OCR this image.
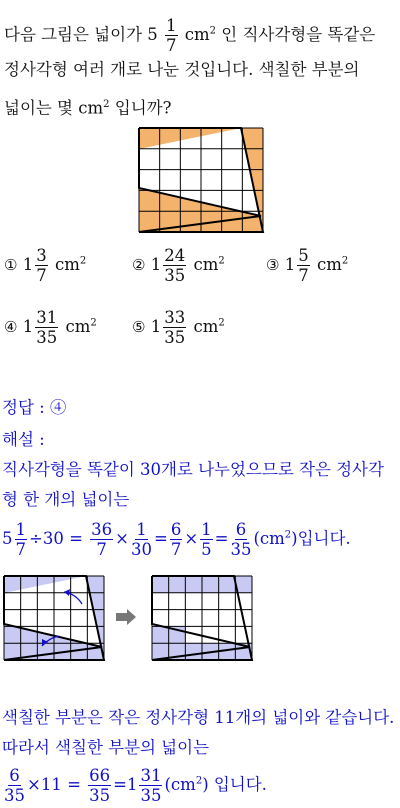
다음 그림은 넓이가 $5 \frac{1}{7} cm^2$ 인 직사각형을 똑같은
정사각형 여러 개로 나눈 것입니다. 색칠한 부분의
넓이는 몇 $cm^2$ 입니까?
① $1 \frac{3}{7} cm^2$	② $1 \frac{24}{35} cm^2$	③ $1 \frac{5}{7} cm^2$
④ $1 \frac{31}{35} cm^2$ ⑤ $1 \frac{33}{35} cm^2$
정답 : ④
해설 :
직사각형을 똑같이 30개로 나누었으므로 작은 정사각
형 한 개의 넓이는
$5 \frac{1}{7} \div 30 = \frac{36}{7} \times \frac{1}{30} = \frac{6}{7} \times \frac{1}{5} = \frac{6}{35} (cm^2)$입니다.
색칠한 부분은 작은 정사각형 11개의 넓이와 같습니다.
따라서 색칠한 부분의 넓이는
$\frac{6}{35} \times 11 = \frac{66}{35} =1 \frac{31}{35} (cm^2)$ 입니다.
